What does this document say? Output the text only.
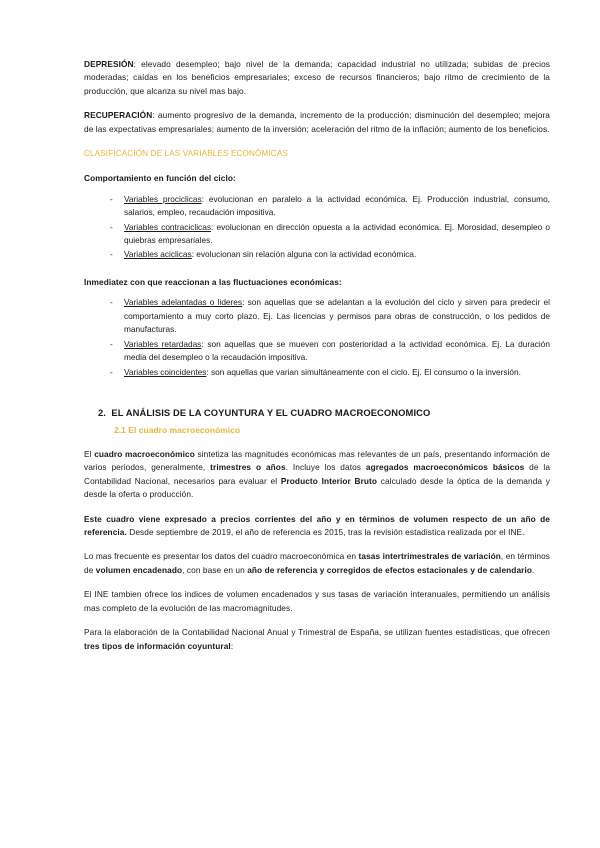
DEPRESIÓN: elevado desempleo; bajo nivel de la demanda; capacidad industrial no utilizada; subidas de precios moderadas; caídas en los beneficios empresariales; exceso de recursos financieros; bajo ritmo de crecimiento de la producción, que alcanza su nivel mas bajo.

RECUPERACIÓN: aumento progresivo de la demanda, incremento de la producción; disminución del desempleo; mejora de las expectativas empresariales; aumento de la inversión; aceleración del ritmo de la inflación; aumento de los beneficios.

CLASIFICACIÓN DE LAS VARIABLES ECONÓMICAS

Comportamiento en función del ciclo:

- Variables prociclicas: evolucionan en paralelo a la actividad económica. Ej. Producción industrial, consumo, salarios, empleo, recaudación impositiva.
- Variables contraciclicas: evolucionan en dirección opuesta a la actividad económica. Ej. Morosidad, desempleo o quiebras empresariales.
- Variables aciclicas: evolucionan sin relación alguna con la actividad económica.

Inmediatez con que reaccionan a las fluctuaciones económicas:

- Variables adelantadas o lideres: son aquellas que se adelantan a la evolución del ciclo y sirven para predecir el comportamiento a muy corto plazo. Ej. Las licencias y permisos para obras de construcción, o los pedidos de manufacturas.
- Variables retardadas: son aquellas que se mueven con posterioridad a la actividad económica. Ej. La duración media del desempleo o la recaudación impositiva.
- Variables coincidentes: son aquellas que varian simultáneamente con el ciclo. Ej. El consumo o la inversión.

2. EL ANÁLISIS DE LA COYUNTURA Y EL CUADRO MACROECONOMICO

2.1 El cuadro macroeconómico

El cuadro macroeconómico sintetiza las magnitudes económicas mas relevantes de un país, presentando información de varios periodos, generalmente, trimestres o años. Incluye los datos agregados macroeconómicos básicos de la Contabilidad Nacional, necesarios para evaluar el Producto Interior Bruto calculado desde la óptica de la demanda y desde la oferta o producción.

Este cuadro viene expresado a precios corrientes del año y en términos de volumen respecto de un año de referencia. Desde septiembre de 2019, el año de referencia es 2015, tras la revisión estadistica realizada por el INE.

Lo mas frecuente es presentar los datos del cuadro macroeconómica en tasas intertrimestrales de variación, en términos de volumen encadenado, con base en un año de referencia y corregidos de efectos estacionales y de calendario.

El INE tambien ofrece los indices de volumen encadenados y sus tasas de variación interanuales, permitiendo un análisis mas completo de la evolución de las macromagnitudes.

Para la elaboración de la Contabilidad Nacional Anual y Trimestral de España, se utilizan fuentes estadisticas, que ofrecen tres tipos de información coyuntural:
